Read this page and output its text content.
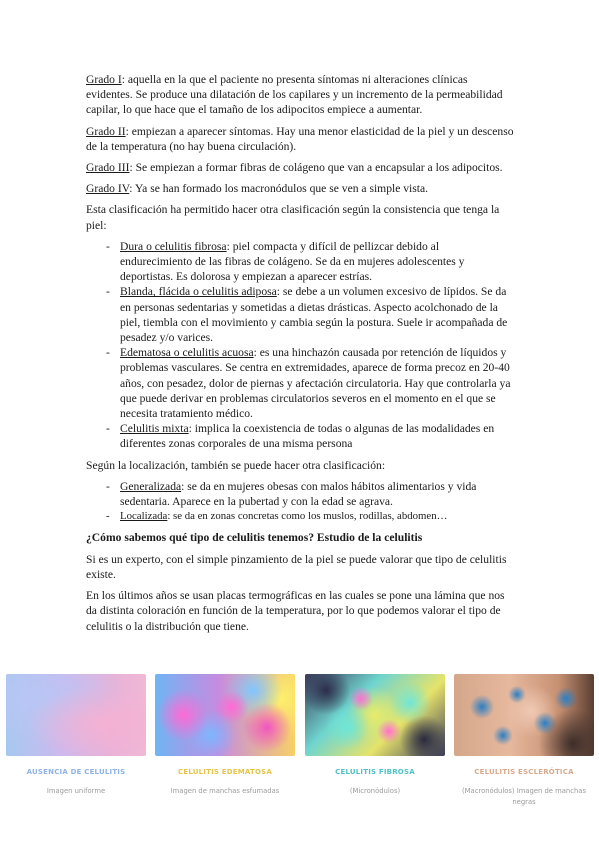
Grado I: aquella en la que el paciente no presenta síntomas ni alteraciones clínicas evidentes. Se produce una dilatación de los capilares y un incremento de la permeabilidad capilar, lo que hace que el tamaño de los adipocitos empiece a aumentar.

Grado II: empiezan a aparecer síntomas. Hay una menor elasticidad de la piel y un descenso de la temperatura (no hay buena circulación).

Grado III: Se empiezan a formar fibras de colágeno que van a encapsular a los adipocitos.

Grado IV: Ya se han formado los macronódulos que se ven a simple vista.

Esta clasificación ha permitido hacer otra clasificación según la consistencia que tenga la piel:

- Dura o celulitis fibrosa: piel compacta y difícil de pellizcar debido al endurecimiento de las fibras de colágeno. Se da en mujeres adolescentes y deportistas. Es dolorosa y empiezan a aparecer estrías.
- Blanda, flácida o celulitis adiposa: se debe a un volumen excesivo de lípidos. Se da en personas sedentarias y sometidas a dietas drásticas. Aspecto acolchonado de la piel, tiembla con el movimiento y cambia según la postura. Suele ir acompañada de pesadez y/o varices.
- Edematosa o celulitis acuosa: es una hinchazón causada por retención de líquidos y problemas vasculares. Se centra en extremidades, aparece de forma precoz en 20-40 años, con pesadez, dolor de piernas y afectación circulatoria. Hay que controlarla ya que puede derivar en problemas circulatorios severos en el momento en el que se necesita tratamiento médico.
- Celulitis mixta: implica la coexistencia de todas o algunas de las modalidades en diferentes zonas corporales de una misma persona

Según la localización, también se puede hacer otra clasificación:

- Generalizada: se da en mujeres obesas con malos hábitos alimentarios y vida sedentaria. Aparece en la pubertad y con la edad se agrava.
- Localizada: se da en zonas concretas como los muslos, rodillas, abdomen…
¿Cómo sabemos qué tipo de celulitis tenemos? Estudio de la celulitis

Si es un experto, con el simple pinzamiento de la piel se puede valorar que tipo de celulitis existe.

En los últimos años se usan placas termográficas en las cuales se pone una lámina que nos da distinta coloración en función de la temperatura, por lo que podemos valorar el tipo de celulitis o la distribución que tiene.

AUSENCIA DE CELULITIS
Imagen uniforme
CELULITIS EDEMATOSA
Imagen de manchas esfumadas
CELULITIS FIBROSA
(Micronódulos)
CELULITIS ESCLERÓTICA
(Macronódulos) Imagen de manchas negras
